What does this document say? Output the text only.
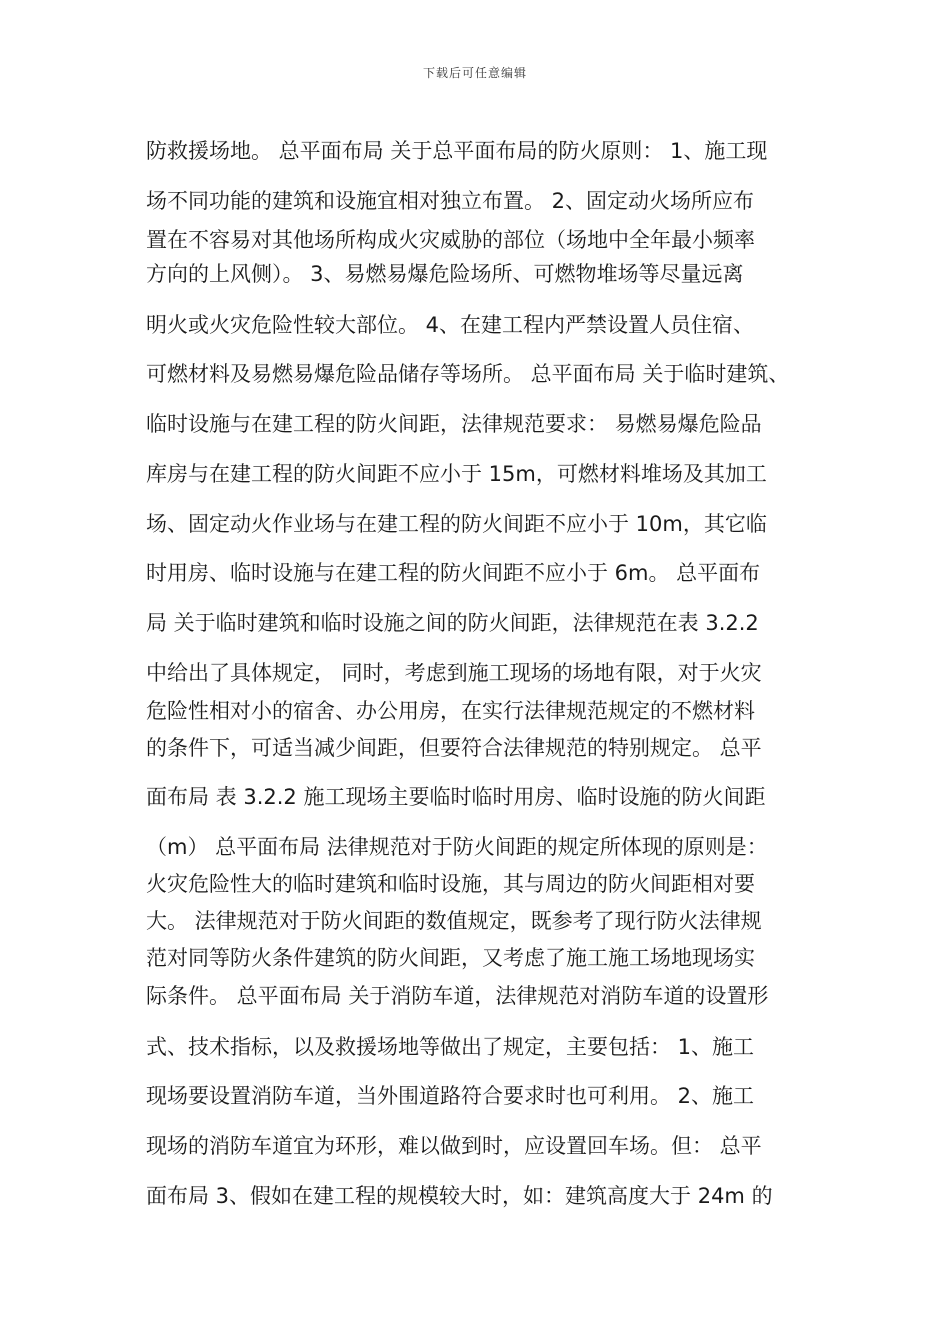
下载后可任意编辑
防救援场地。 总平面布局 关于总平面布局的防火原则： 1、施工现
场不同功能的建筑和设施宜相对独立布置。 2、固定动火场所应布
置在不容易对其他场所构成火灾威胁的部位（场地中全年最小频率
方向的上风侧）。 3、易燃易爆危险场所、可燃物堆场等尽量远离
明火或火灾危险性较大部位。 4、在建工程内严禁设置人员住宿、
可燃材料及易燃易爆危险品储存等场所。 总平面布局 关于临时建筑、
临时设施与在建工程的防火间距，法律规范要求： 易燃易爆危险品
库房与在建工程的防火间距不应小于 15m，可燃材料堆场及其加工
场、固定动火作业场与在建工程的防火间距不应小于 10m，其它临
时用房、临时设施与在建工程的防火间距不应小于 6m。 总平面布
局 关于临时建筑和临时设施之间的防火间距，法律规范在表 3.2.2
中给出了具体规定， 同时，考虑到施工现场的场地有限，对于火灾
危险性相对小的宿舍、办公用房，在实行法律规范规定的不燃材料
的条件下，可适当减少间距，但要符合法律规范的特别规定。 总平
面布局 表 3.2.2 施工现场主要临时临时用房、临时设施的防火间距
（m） 总平面布局 法律规范对于防火间距的规定所体现的原则是：
火灾危险性大的临时建筑和临时设施，其与周边的防火间距相对要
大。 法律规范对于防火间距的数值规定，既参考了现行防火法律规
范对同等防火条件建筑的防火间距，又考虑了施工施工场地现场实
际条件。 总平面布局 关于消防车道，法律规范对消防车道的设置形
式、技术指标，以及救援场地等做出了规定，主要包括： 1、施工
现场要设置消防车道，当外围道路符合要求时也可利用。 2、施工
现场的消防车道宜为环形，难以做到时，应设置回车场。但： 总平
面布局 3、假如在建工程的规模较大时，如：建筑高度大于 24m 的
